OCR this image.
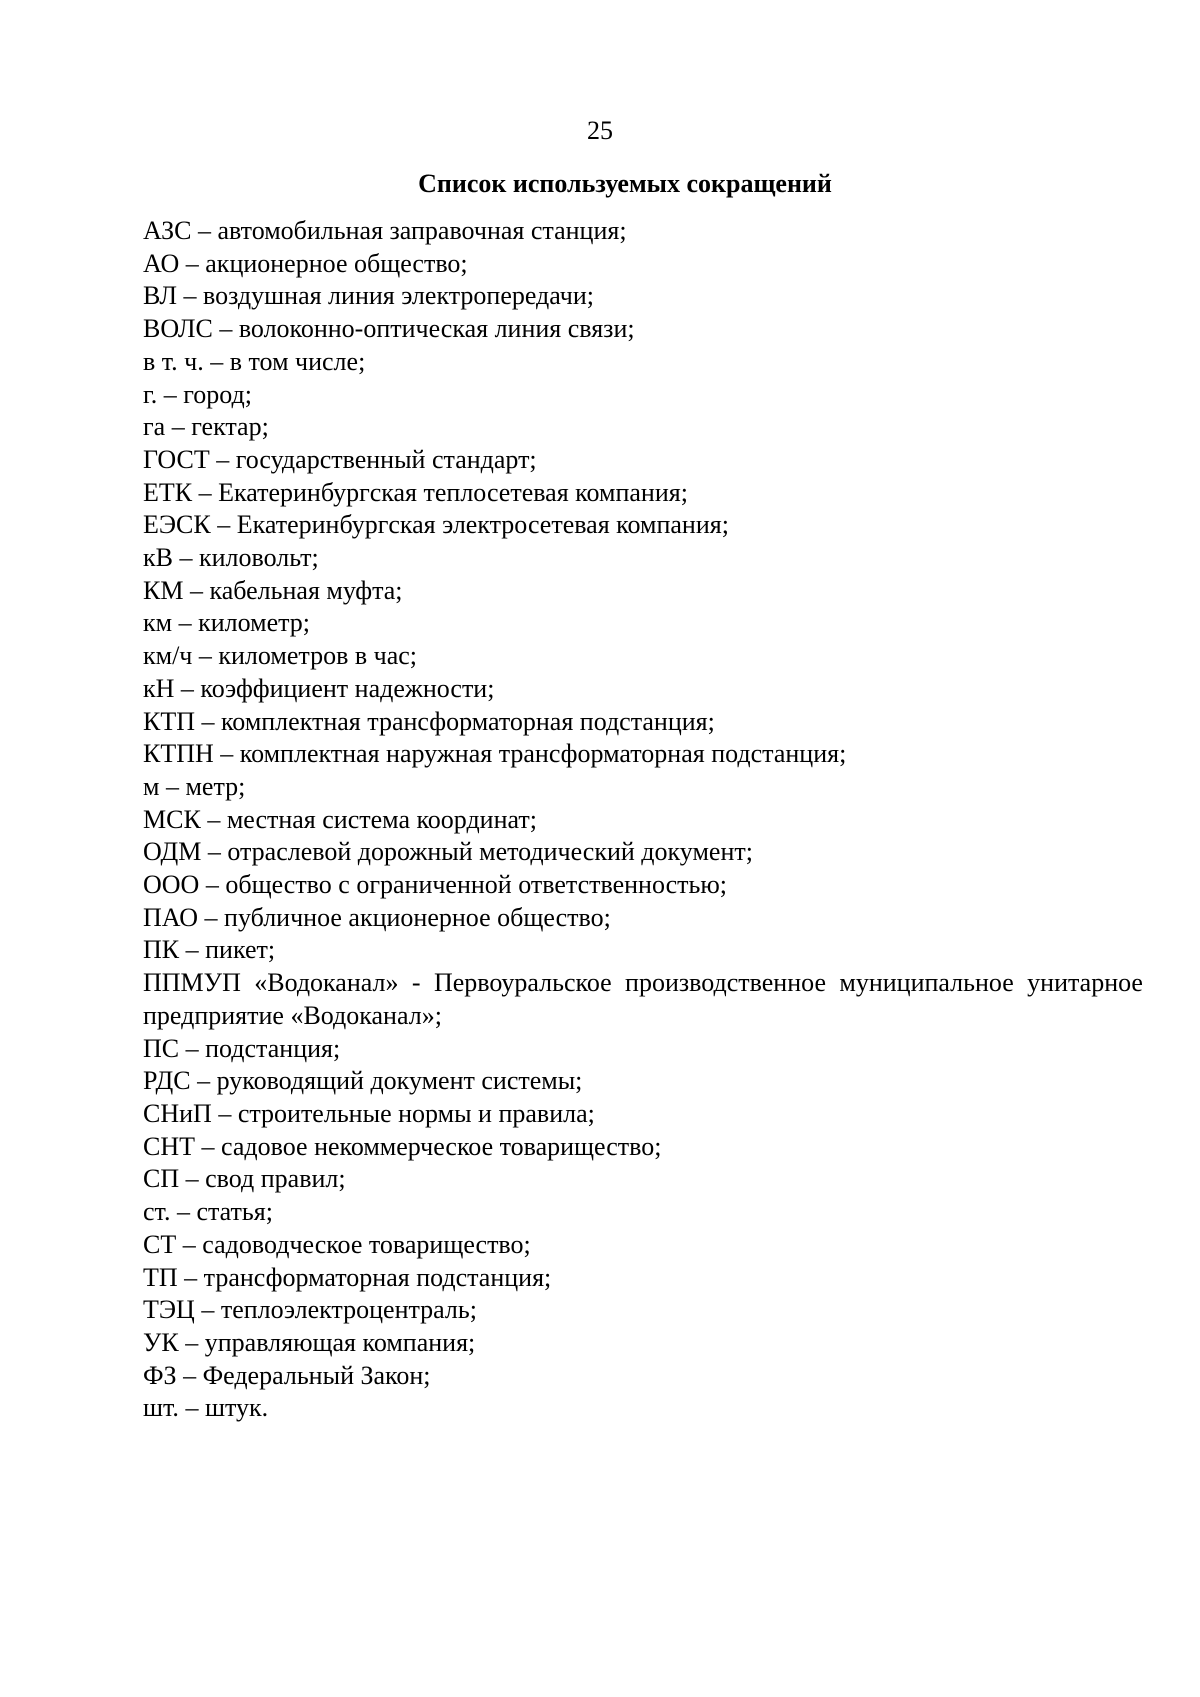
25
Список используемых сокращений
АЗС – автомобильная заправочная станция;
АО – акционерное общество;
ВЛ – воздушная линия электропередачи;
ВОЛС – волоконно-оптическая линия связи;
в т. ч. – в том числе;
г. – город;
га – гектар;
ГОСТ – государственный стандарт;
ЕТК – Екатеринбургская теплосетевая компания;
ЕЭСК – Екатеринбургская электросетевая компания;
кВ – киловольт;
КМ – кабельная муфта;
км – километр;
км/ч – километров в час;
кН – коэффициент надежности;
КТП – комплектная трансформаторная подстанция;
КТПН – комплектная наружная трансформаторная подстанция;
м – метр;
МСК – местная система координат;
ОДМ – отраслевой дорожный методический документ;
ООО – общество с ограниченной ответственностью;
ПАО – публичное акционерное общество;
ПК – пикет;
ППМУП «Водоканал» - Первоуральское производственное муниципальное унитарное предприятие «Водоканал»;
ПС – подстанция;
РДС – руководящий документ системы;
СНиП – строительные нормы и правила;
СНТ – садовое некоммерческое товарищество;
СП – свод правил;
ст. – статья;
СТ – садоводческое товарищество;
ТП – трансформаторная подстанция;
ТЭЦ – теплоэлектроцентраль;
УК – управляющая компания;
ФЗ – Федеральный Закон;
шт. – штук.
